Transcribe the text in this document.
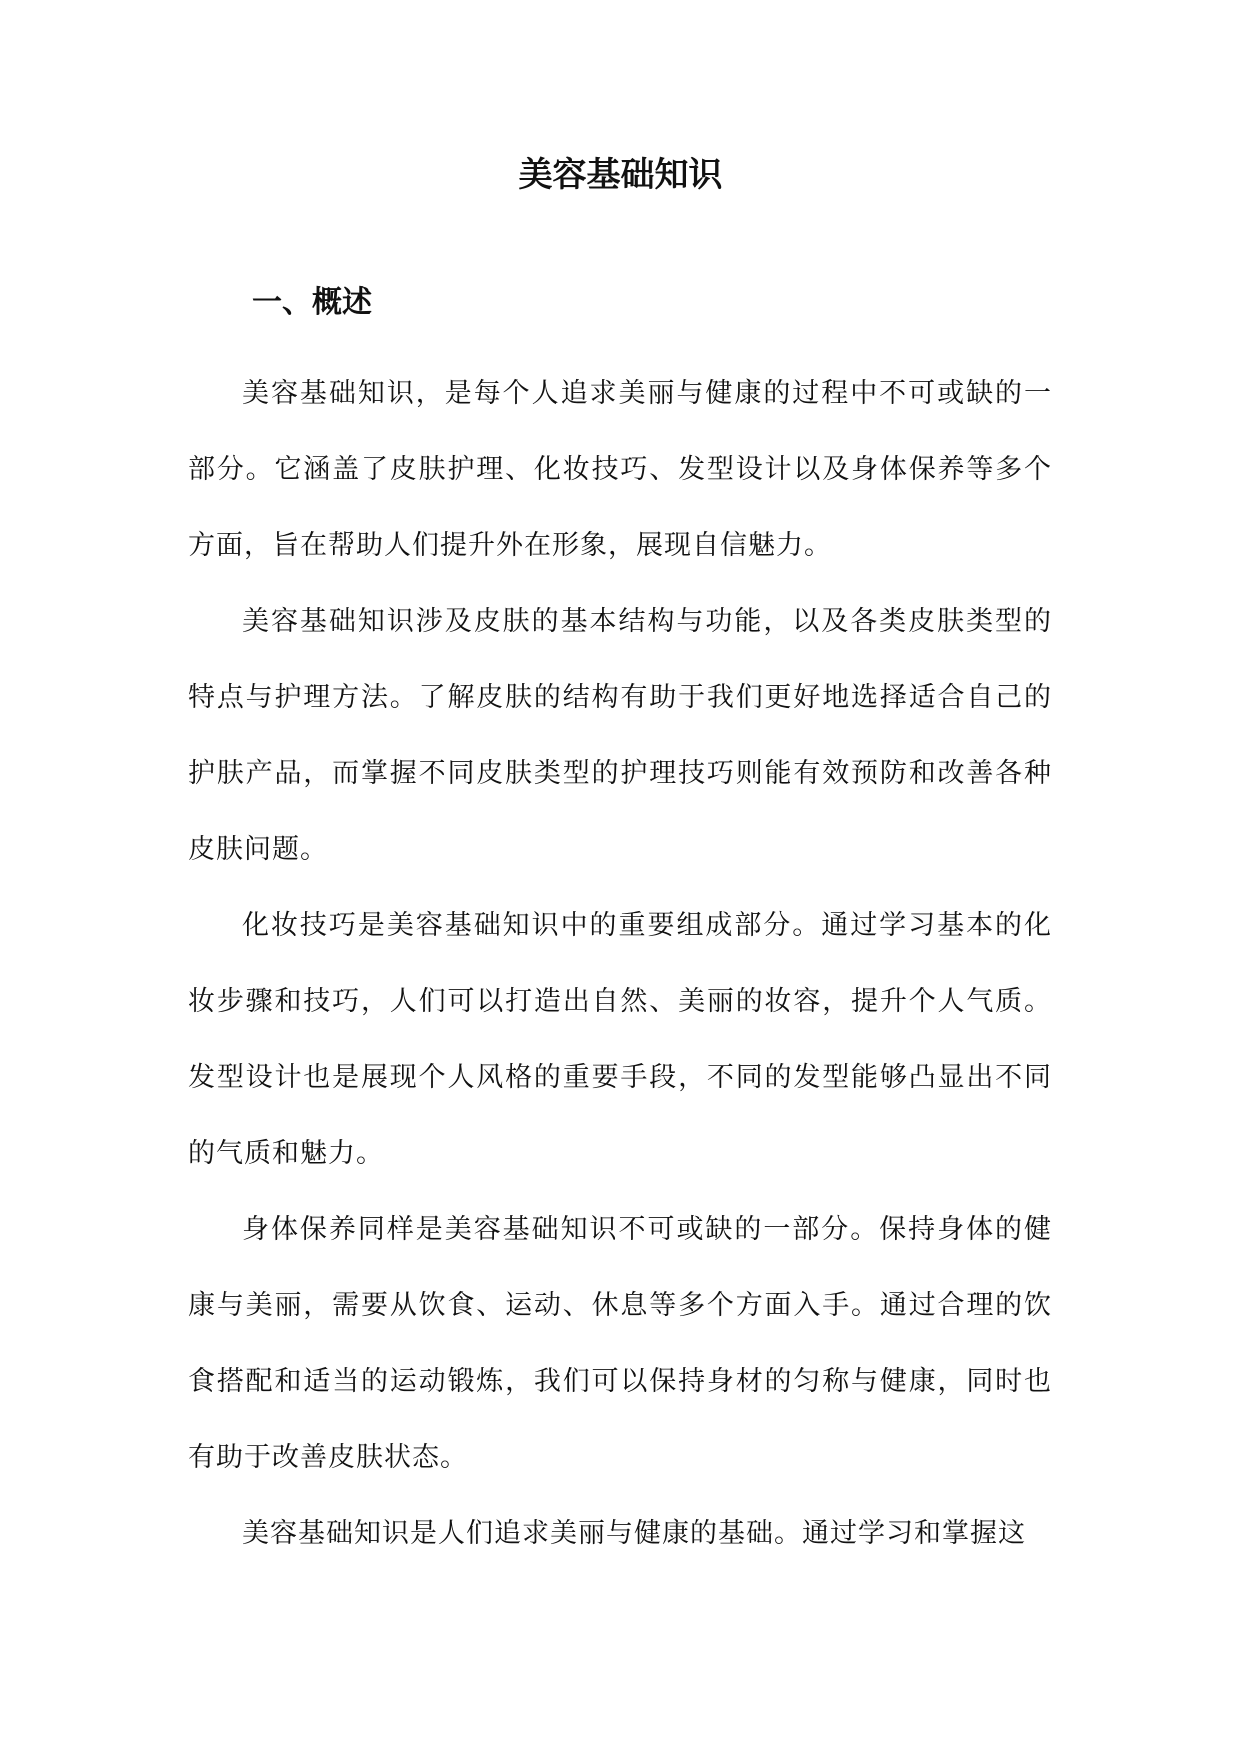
美容基础知识
一、概述

美容基础知识，是每个人追求美丽与健康的过程中不可或缺的一部分。它涵盖了皮肤护理、化妆技巧、发型设计以及身体保养等多个方面，旨在帮助人们提升外在形象，展现自信魅力。

美容基础知识涉及皮肤的基本结构与功能，以及各类皮肤类型的特点与护理方法。了解皮肤的结构有助于我们更好地选择适合自己的护肤产品，而掌握不同皮肤类型的护理技巧则能有效预防和改善各种皮肤问题。

化妆技巧是美容基础知识中的重要组成部分。通过学习基本的化妆步骤和技巧，人们可以打造出自然、美丽的妆容，提升个人气质。发型设计也是展现个人风格的重要手段，不同的发型能够凸显出不同的气质和魅力。

身体保养同样是美容基础知识不可或缺的一部分。保持身体的健康与美丽，需要从饮食、运动、休息等多个方面入手。通过合理的饮食搭配和适当的运动锻炼，我们可以保持身材的匀称与健康，同时也有助于改善皮肤状态。

美容基础知识是人们追求美丽与健康的基础。通过学习和掌握这
